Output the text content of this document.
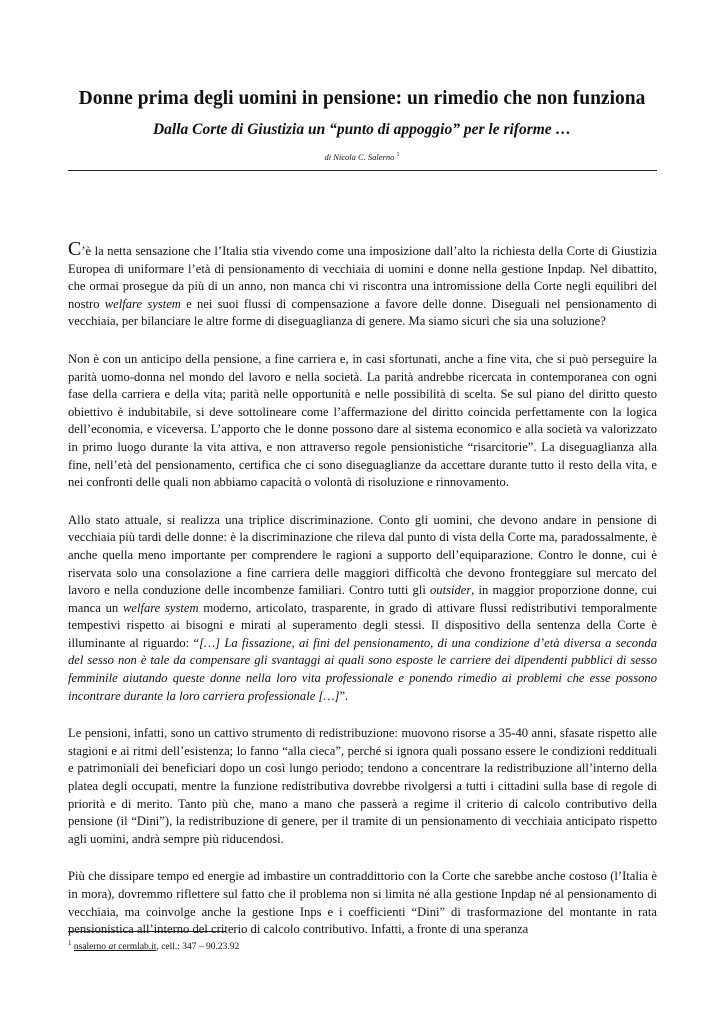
Donne prima degli uomini in pensione: un rimedio che non funziona
Dalla Corte di Giustizia un “punto di appoggio” per le riforme …
di Nicola C. Salerno $^1$

C’è la netta sensazione che l’Italia stia vivendo come una imposizione dall’alto la richiesta della Corte di Giustizia Europea di uniformare l’età di pensionamento di vecchiaia di uomini e donne nella gestione Inpdap. Nel dibattito, che ormai prosegue da più di un anno, non manca chi vi riscontra una intromissione della Corte negli equilibri del nostro welfare system e nei suoi flussi di compensazione a favore delle donne. Diseguali nel pensionamento di vecchiaia, per bilanciare le altre forme di diseguaglianza di genere. Ma siamo sicuri che sia una soluzione?

Non è con un anticipo della pensione, a fine carriera e, in casi sfortunati, anche a fine vita, che si può perseguire la parità uomo-donna nel mondo del lavoro e nella società. La parità andrebbe ricercata in contemporanea con ogni fase della carriera e della vita; parità nelle opportunità e nelle possibilità di scelta. Se sul piano del diritto questo obiettivo è indubitabile, si deve sottolineare come l’affermazione del diritto coincida perfettamente con la logica dell’economia, e viceversa. L’apporto che le donne possono dare al sistema economico e alla società va valorizzato in primo luogo durante la vita attiva, e non attraverso regole pensionistiche “risarcitorie”. La diseguaglianza alla fine, nell’età del pensionamento, certifica che ci sono diseguaglianze da accettare durante tutto il resto della vita, e nei confronti delle quali non abbiamo capacità o volontà di risoluzione e rinnovamento.

Allo stato attuale, si realizza una triplice discriminazione. Conto gli uomini, che devono andare in pensione di vecchiaia più tardi delle donne: è la discriminazione che rileva dal punto di vista della Corte ma, paradossalmente, è anche quella meno importante per comprendere le ragioni a supporto dell’equiparazione. Contro le donne, cui è riservata solo una consolazione a fine carriera delle maggiori difficoltà che devono fronteggiare sul mercato del lavoro e nella conduzione delle incombenze familiari. Contro tutti gli outsider, in maggior proporzione donne, cui manca un welfare system moderno, articolato, trasparente, in grado di attivare flussi redistributivi temporalmente tempestivi rispetto ai bisogni e mirati al superamento degli stessi. Il dispositivo della sentenza della Corte è illuminante al riguardo: “[…] La fissazione, ai fini del pensionamento, di una condizione d’età diversa a seconda del sesso non è tale da compensare gli svantaggi ai quali sono esposte le carriere dei dipendenti pubblici di sesso femminile aiutando queste donne nella loro vita professionale e ponendo rimedio ai problemi che esse possono incontrare durante la loro carriera professionale […]”.

Le pensioni, infatti, sono un cattivo strumento di redistribuzione: muovono risorse a 35-40 anni, sfasate rispetto alle stagioni e ai ritmi dell’esistenza; lo fanno “alla cieca”, perché si ignora quali possano essere le condizioni reddituali e patrimoniali dei beneficiari dopo un così lungo periodo; tendono a concentrare la redistribuzione all’interno della platea degli occupati, mentre la funzione redistributiva dovrebbe rivolgersi a tutti i cittadini sulla base di regole di priorità e di merito. Tanto più che, mano a mano che passerà a regime il criterio di calcolo contributivo della pensione (il “Dini”), la redistribuzione di genere, per il tramite di un pensionamento di vecchiaia anticipato rispetto agli uomini, andrà sempre più riducendosi.

Più che dissipare tempo ed energie ad imbastire un contraddittorio con la Corte che sarebbe anche costoso (l’Italia è in mora), dovremmo riflettere sul fatto che il problema non si limita né alla gestione Inpdap né al pensionamento di vecchiaia, ma coinvolge anche la gestione Inps e i coefficienti “Dini” di trasformazione del montante in rata pensionistica all’interno del criterio di calcolo contributivo. Infatti, a fronte di una speranza

$^1$ nsalerno at cermlab.it, cell.: 347 – 90.23.92
